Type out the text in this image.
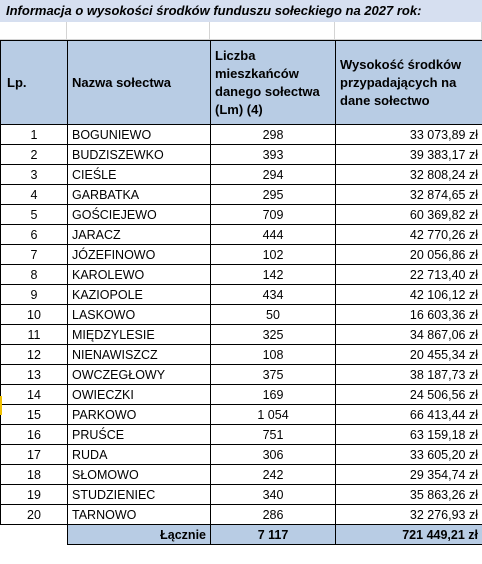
Informacja o wysokości środków funduszu sołeckiego na 2027 rok:
Lp.	Nazwa sołectwa	Liczba mieszkańców danego sołectwa (Lm) (4)	Wysokość środków przypadających na dane sołectwo
1	BOGUNIEWO	298	33 073,89 zł
2	BUDZISZEWKO	393	39 383,17 zł
3	CIEŚLE	294	32 808,24 zł
4	GARBATKA	295	32 874,65 zł
5	GOŚCIEJEWO	709	60 369,82 zł
6	JARACZ	444	42 770,26 zł
7	JÓZEFINOWO	102	20 056,86 zł
8	KAROLEWO	142	22 713,40 zł
9	KAZIOPOLE	434	42 106,12 zł
10	LASKOWO	50	16 603,36 zł
11	MIĘDZYLESIE	325	34 867,06 zł
12	NIENAWISZCZ	108	20 455,34 zł
13	OWCZEGŁOWY	375	38 187,73 zł
14	OWIECZKI	169	24 506,56 zł
15	PARKOWO	1 054	66 413,44 zł
16	PRUŚCE	751	63 159,18 zł
17	RUDA	306	33 605,20 zł
18	SŁOMOWO	242	29 354,74 zł
19	STUDZIENIEC	340	35 863,26 zł
20	TARNOWO	286	32 276,93 zł
	Łącznie	7 117	721 449,21 zł
